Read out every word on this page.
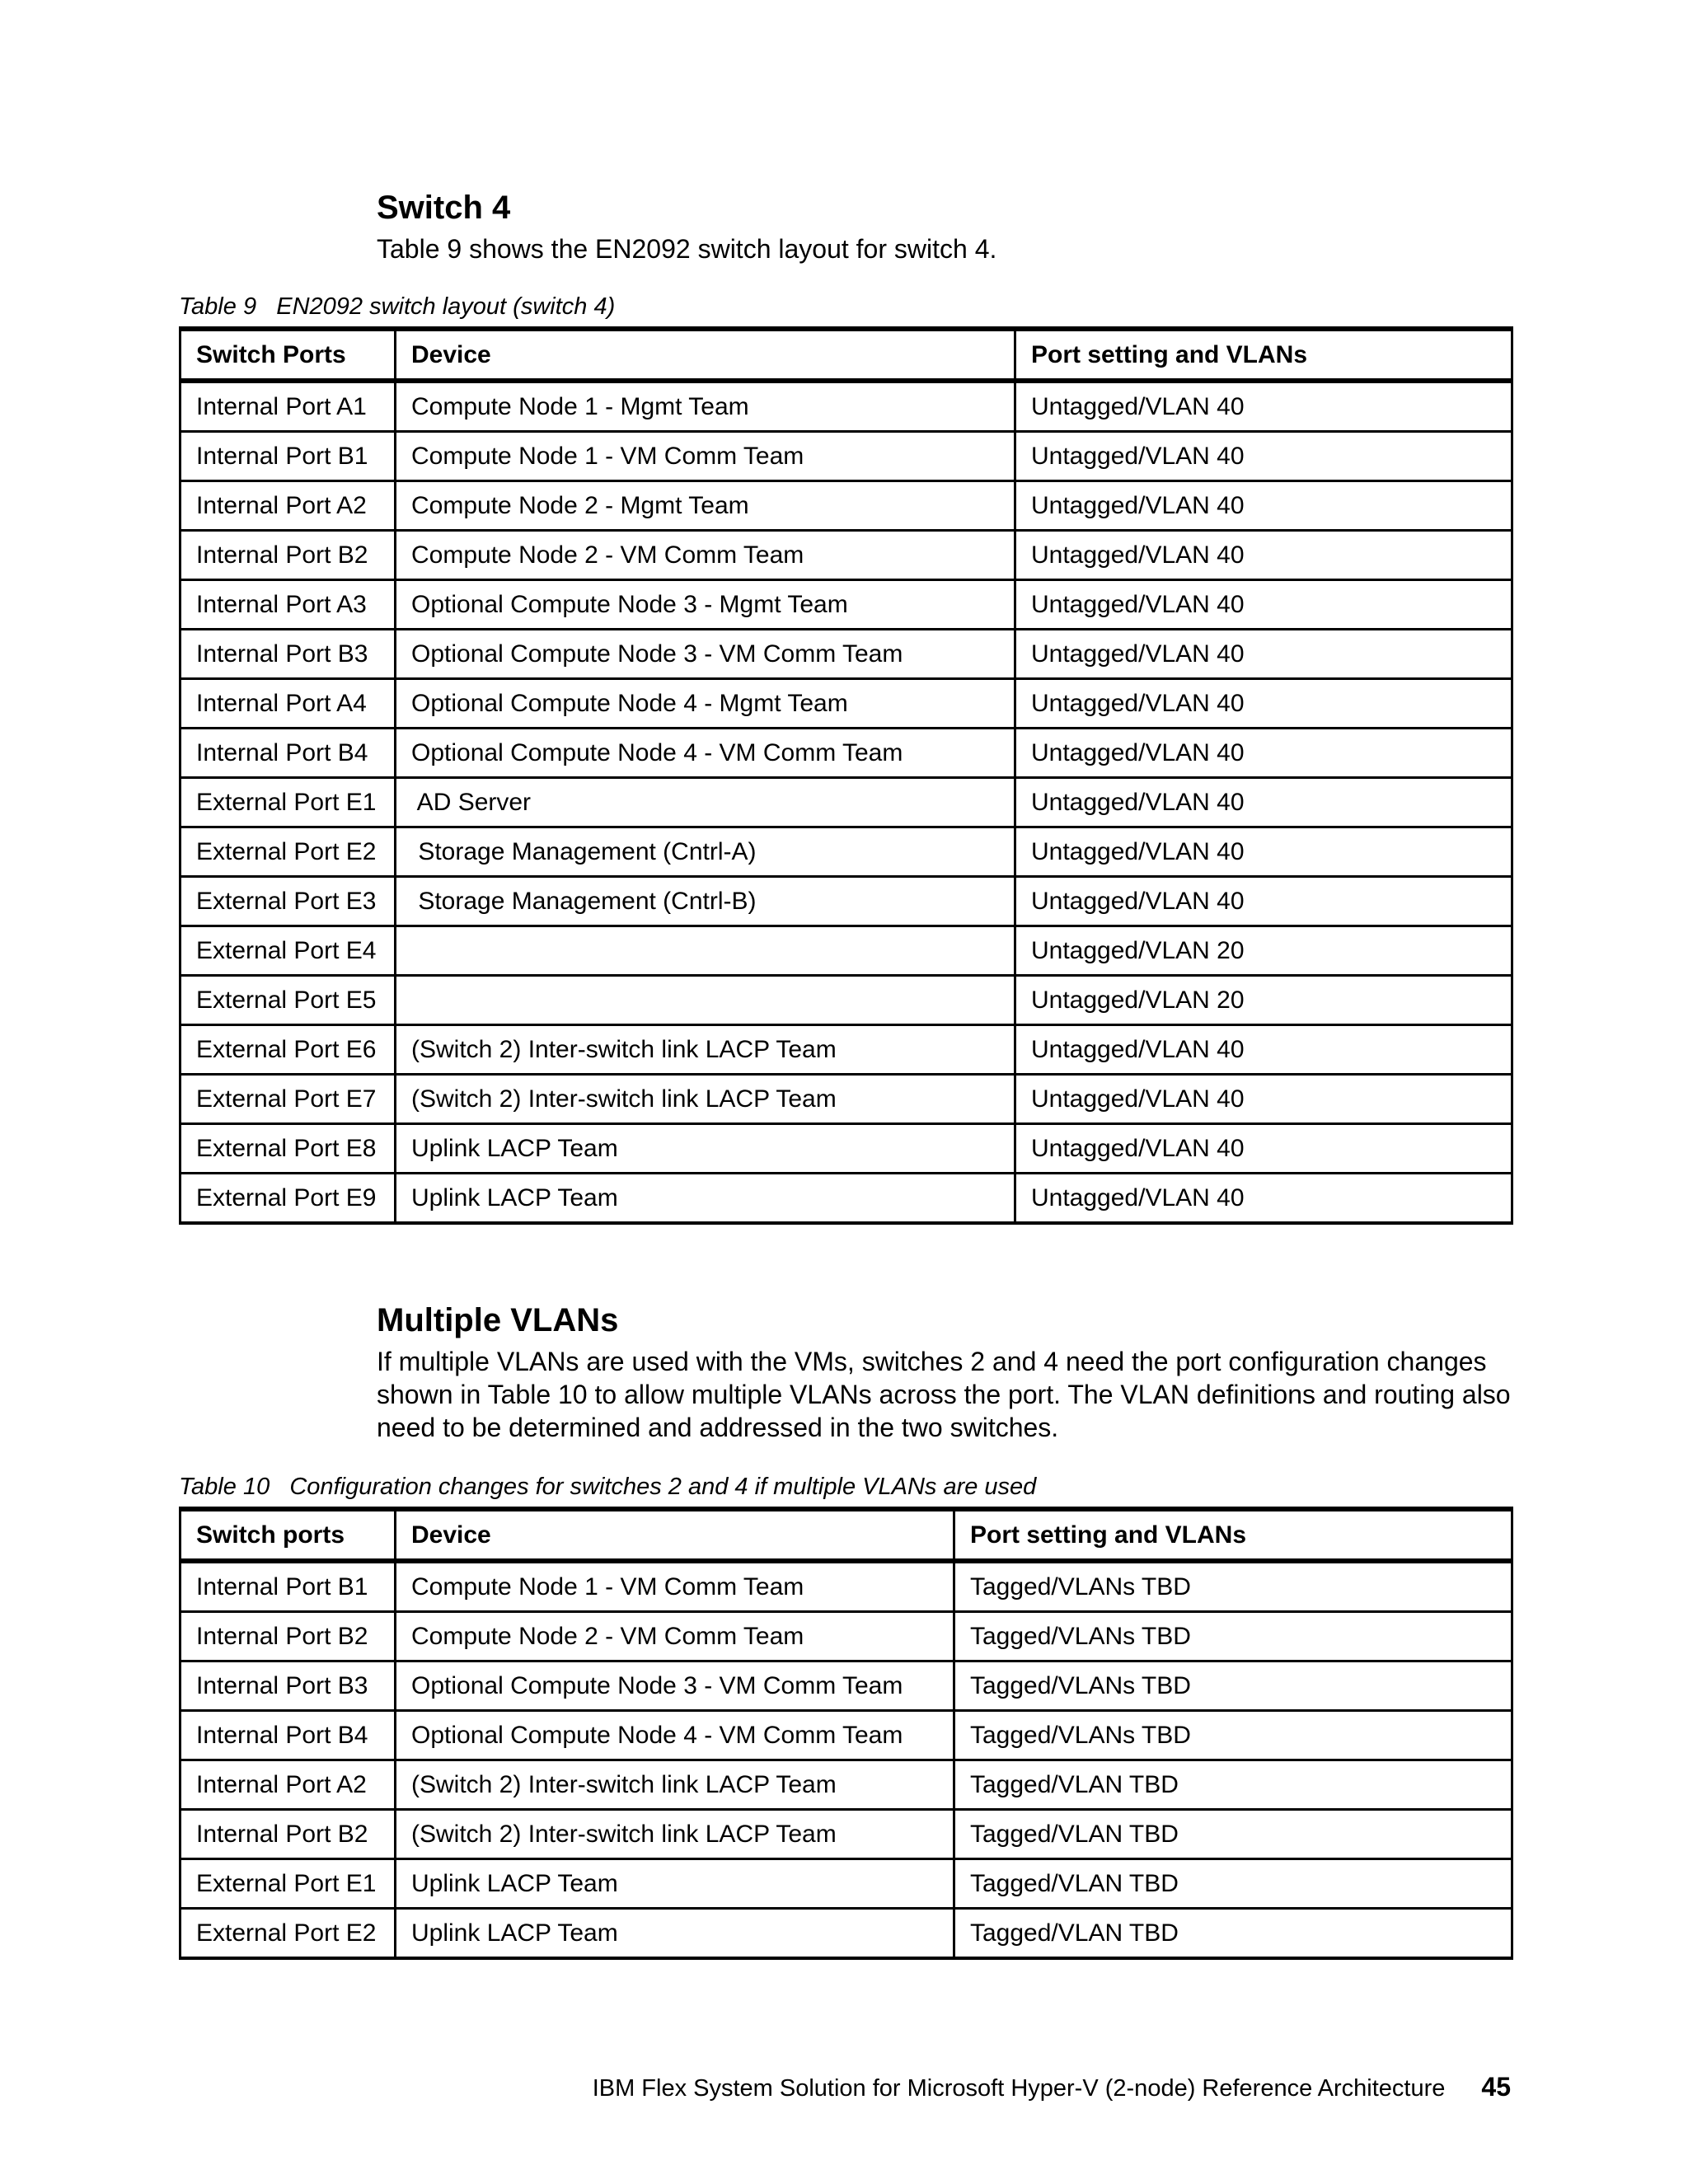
Switch 4

Table 9 shows the EN2092 switch layout for switch 4.

Table 9   EN2092 switch layout (switch 4)

Switch Ports	Device	Port setting and VLANs
Internal Port A1	Compute Node 1 - Mgmt Team	Untagged/VLAN 40
Internal Port B1	Compute Node 1 - VM Comm Team	Untagged/VLAN 40
Internal Port A2	Compute Node 2 - Mgmt Team	Untagged/VLAN 40
Internal Port B2	Compute Node 2 - VM Comm Team	Untagged/VLAN 40
Internal Port A3	Optional Compute Node 3 - Mgmt Team	Untagged/VLAN 40
Internal Port B3	Optional Compute Node 3 - VM Comm Team	Untagged/VLAN 40
Internal Port A4	Optional Compute Node 4 - Mgmt Team	Untagged/VLAN 40
Internal Port B4	Optional Compute Node 4 - VM Comm Team	Untagged/VLAN 40
External Port E1	AD Server	Untagged/VLAN 40
External Port E2	Storage Management (Cntrl-A)	Untagged/VLAN 40
External Port E3	Storage Management (Cntrl-B)	Untagged/VLAN 40
External Port E4		Untagged/VLAN 20
External Port E5		Untagged/VLAN 20
External Port E6	(Switch 2) Inter-switch link LACP Team	Untagged/VLAN 40
External Port E7	(Switch 2) Inter-switch link LACP Team	Untagged/VLAN 40
External Port E8	Uplink LACP Team	Untagged/VLAN 40
External Port E9	Uplink LACP Team	Untagged/VLAN 40
Multiple VLANs

If multiple VLANs are used with the VMs, switches 2 and 4 need the port configuration changes shown in Table 10 to allow multiple VLANs across the port. The VLAN definitions and routing also need to be determined and addressed in the two switches.

Table 10   Configuration changes for switches 2 and 4 if multiple VLANs are used

Switch ports	Device	Port setting and VLANs
Internal Port B1	Compute Node 1 - VM Comm Team	Tagged/VLANs TBD
Internal Port B2	Compute Node 2 - VM Comm Team	Tagged/VLANs TBD
Internal Port B3	Optional Compute Node 3 - VM Comm Team	Tagged/VLANs TBD
Internal Port B4	Optional Compute Node 4 - VM Comm Team	Tagged/VLANs TBD
Internal Port A2	(Switch 2) Inter-switch link LACP Team	Tagged/VLAN TBD
Internal Port B2	(Switch 2) Inter-switch link LACP Team	Tagged/VLAN TBD
External Port E1	Uplink LACP Team	Tagged/VLAN TBD
External Port E2	Uplink LACP Team	Tagged/VLAN TBD
IBM Flex System Solution for Microsoft Hyper-V (2-node) Reference Architecture 45
